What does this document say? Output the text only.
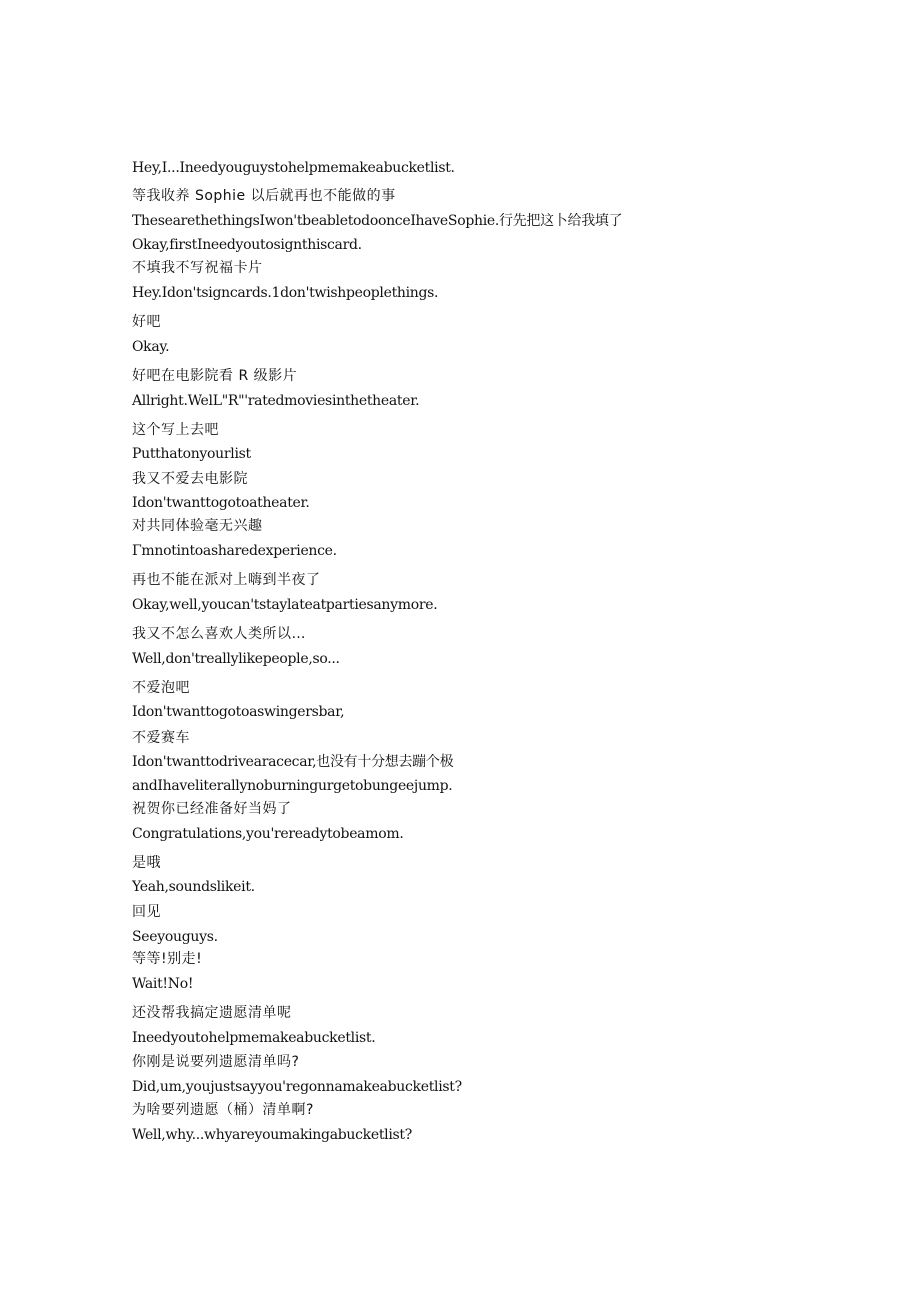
Hey,I...Ineedyouguystohelpmemakeabucketlist.
等我收养 Sophie 以后就再也不能做的事
ThesearethethingsIwon'tbeabletodoonceIhaveSophie.行先把这卜给我填了
Okay,firstIneedyoutosignthiscard.
不填我不写祝福卡片
Hey.Idon'tsigncards.1don'twishpeoplethings.
好吧
Okay.
好吧在电影院看 R 级影片
Allright.WelL"R"'ratedmoviesinthetheater.
这个写上去吧
Putthatonyourlist
我又不爱去电影院
Idon'twanttogotoatheater.
对共同体验毫无兴趣
Γmnotintoasharedexperience.
再也不能在派对上嗨到半夜了
Okay,well,youcan'tstaylateatpartiesanymore.
我又不怎么喜欢人类所以…
Well,don'treallylikepeople,so...
不爱泡吧
Idon'twanttogotoaswingersbar,
不爱赛车
Idon'twanttodrivearacecar,也没有十分想去蹦个极
andIhaveliterallynoburningurgetobungeejump.
祝贺你已经准备好当妈了
Congratulations,you'rereadytobeamom.
是哦
Yeah,soundslikeit.
回见
Seeyouguys.
等等!别走!
Wait!No!
还没帮我搞定遗愿清单呢
Ineedyoutohelpmemakeabucketlist.
你刚是说要列遗愿清单吗?
Did,um,youjustsayyou'regonnamakeabucketlist?
为啥要列遗愿（桶）清单啊?
Well,why...whyareyoumakingabucketlist?
